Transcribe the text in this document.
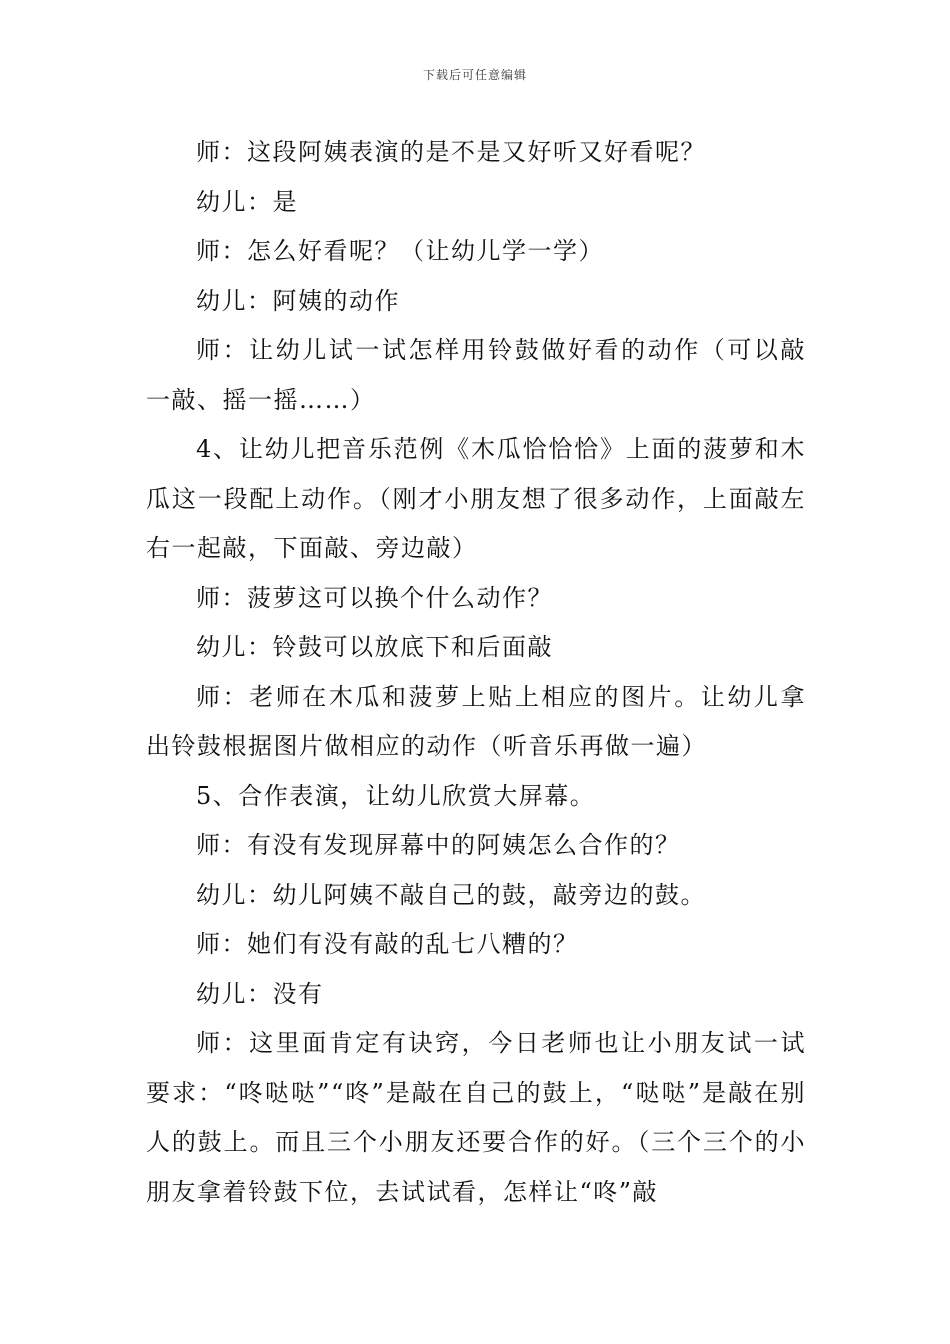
下载后可任意编辑

师：这段阿姨表演的是不是又好听又好看呢？

幼儿：是

师：怎么好看呢？（让幼儿学一学）

幼儿：阿姨的动作

师：让幼儿试一试怎样用铃鼓做好看的动作（可以敲一敲、摇一摇……）

4、让幼儿把音乐范例《木瓜恰恰恰》上面的菠萝和木瓜这一段配上动作。（刚才小朋友想了很多动作，上面敲左右一起敲，下面敲、旁边敲）

师：菠萝这可以换个什么动作？

幼儿：铃鼓可以放底下和后面敲

师：老师在木瓜和菠萝上贴上相应的图片。让幼儿拿出铃鼓根据图片做相应的动作（听音乐再做一遍）

5、合作表演，让幼儿欣赏大屏幕。

师：有没有发现屏幕中的阿姨怎么合作的？

幼儿：幼儿阿姨不敲自己的鼓，敲旁边的鼓。

师：她们有没有敲的乱七八糟的？

幼儿：没有

师：这里面肯定有诀窍，今日老师也让小朋友试一试要求：“咚哒哒”“咚”是敲在自己的鼓上，“哒哒”是敲在别人的鼓上。而且三个小朋友还要合作的好。（三个三个的小朋友拿着铃鼓下位，去试试看，怎样让“咚”敲
